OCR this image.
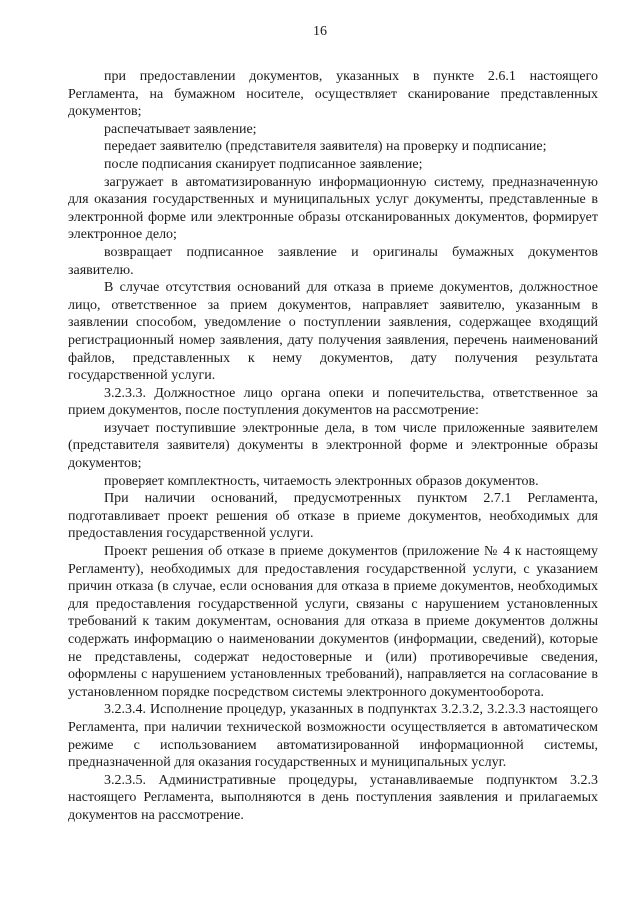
16

при предоставлении документов, указанных в пункте 2.6.1 настоящего Регламента, на бумажном носителе, осуществляет сканирование представленных документов;

распечатывает заявление;

передает заявителю (представителя заявителя) на проверку и подписание;

после подписания сканирует подписанное заявление;

загружает в автоматизированную информационную систему, предназначенную для оказания государственных и муниципальных услуг документы, представленные в электронной форме или электронные образы отсканированных документов, формирует электронное дело;

возвращает подписанное заявление и оригиналы бумажных документов заявителю.

В случае отсутствия оснований для отказа в приеме документов, должностное лицо, ответственное за прием документов, направляет заявителю, указанным в заявлении способом, уведомление о поступлении заявления, содержащее входящий регистрационный номер заявления, дату получения заявления, перечень наименований файлов, представленных к нему документов, дату получения результата государственной услуги.

3.2.3.3. Должностное лицо органа опеки и попечительства, ответственное за прием документов, после поступления документов на рассмотрение:

изучает поступившие электронные дела, в том числе приложенные заявителем (представителя заявителя) документы в электронной форме и электронные образы документов;

проверяет комплектность, читаемость электронных образов документов.

При наличии оснований, предусмотренных пунктом 2.7.1 Регламента, подготавливает проект решения об отказе в приеме документов, необходимых для предоставления государственной услуги.

Проект решения об отказе в приеме документов (приложение № 4 к настоящему Регламенту), необходимых для предоставления государственной услуги, с указанием причин отказа (в случае, если основания для отказа в приеме документов, необходимых для предоставления государственной услуги, связаны с нарушением установленных требований к таким документам, основания для отказа в приеме документов должны содержать информацию о наименовании документов (информации, сведений), которые не представлены, содержат недостоверные и (или) противоречивые сведения, оформлены с нарушением установленных требований), направляется на согласование в установленном порядке посредством системы электронного документооборота.

3.2.3.4. Исполнение процедур, указанных в подпунктах 3.2.3.2, 3.2.3.3 настоящего Регламента, при наличии технической возможности осуществляется в автоматическом режиме с использованием автоматизированной информационной системы, предназначенной для оказания государственных и муниципальных услуг.

3.2.3.5. Административные процедуры, устанавливаемые подпунктом 3.2.3 настоящего Регламента, выполняются в день поступления заявления и прилагаемых документов на рассмотрение.
